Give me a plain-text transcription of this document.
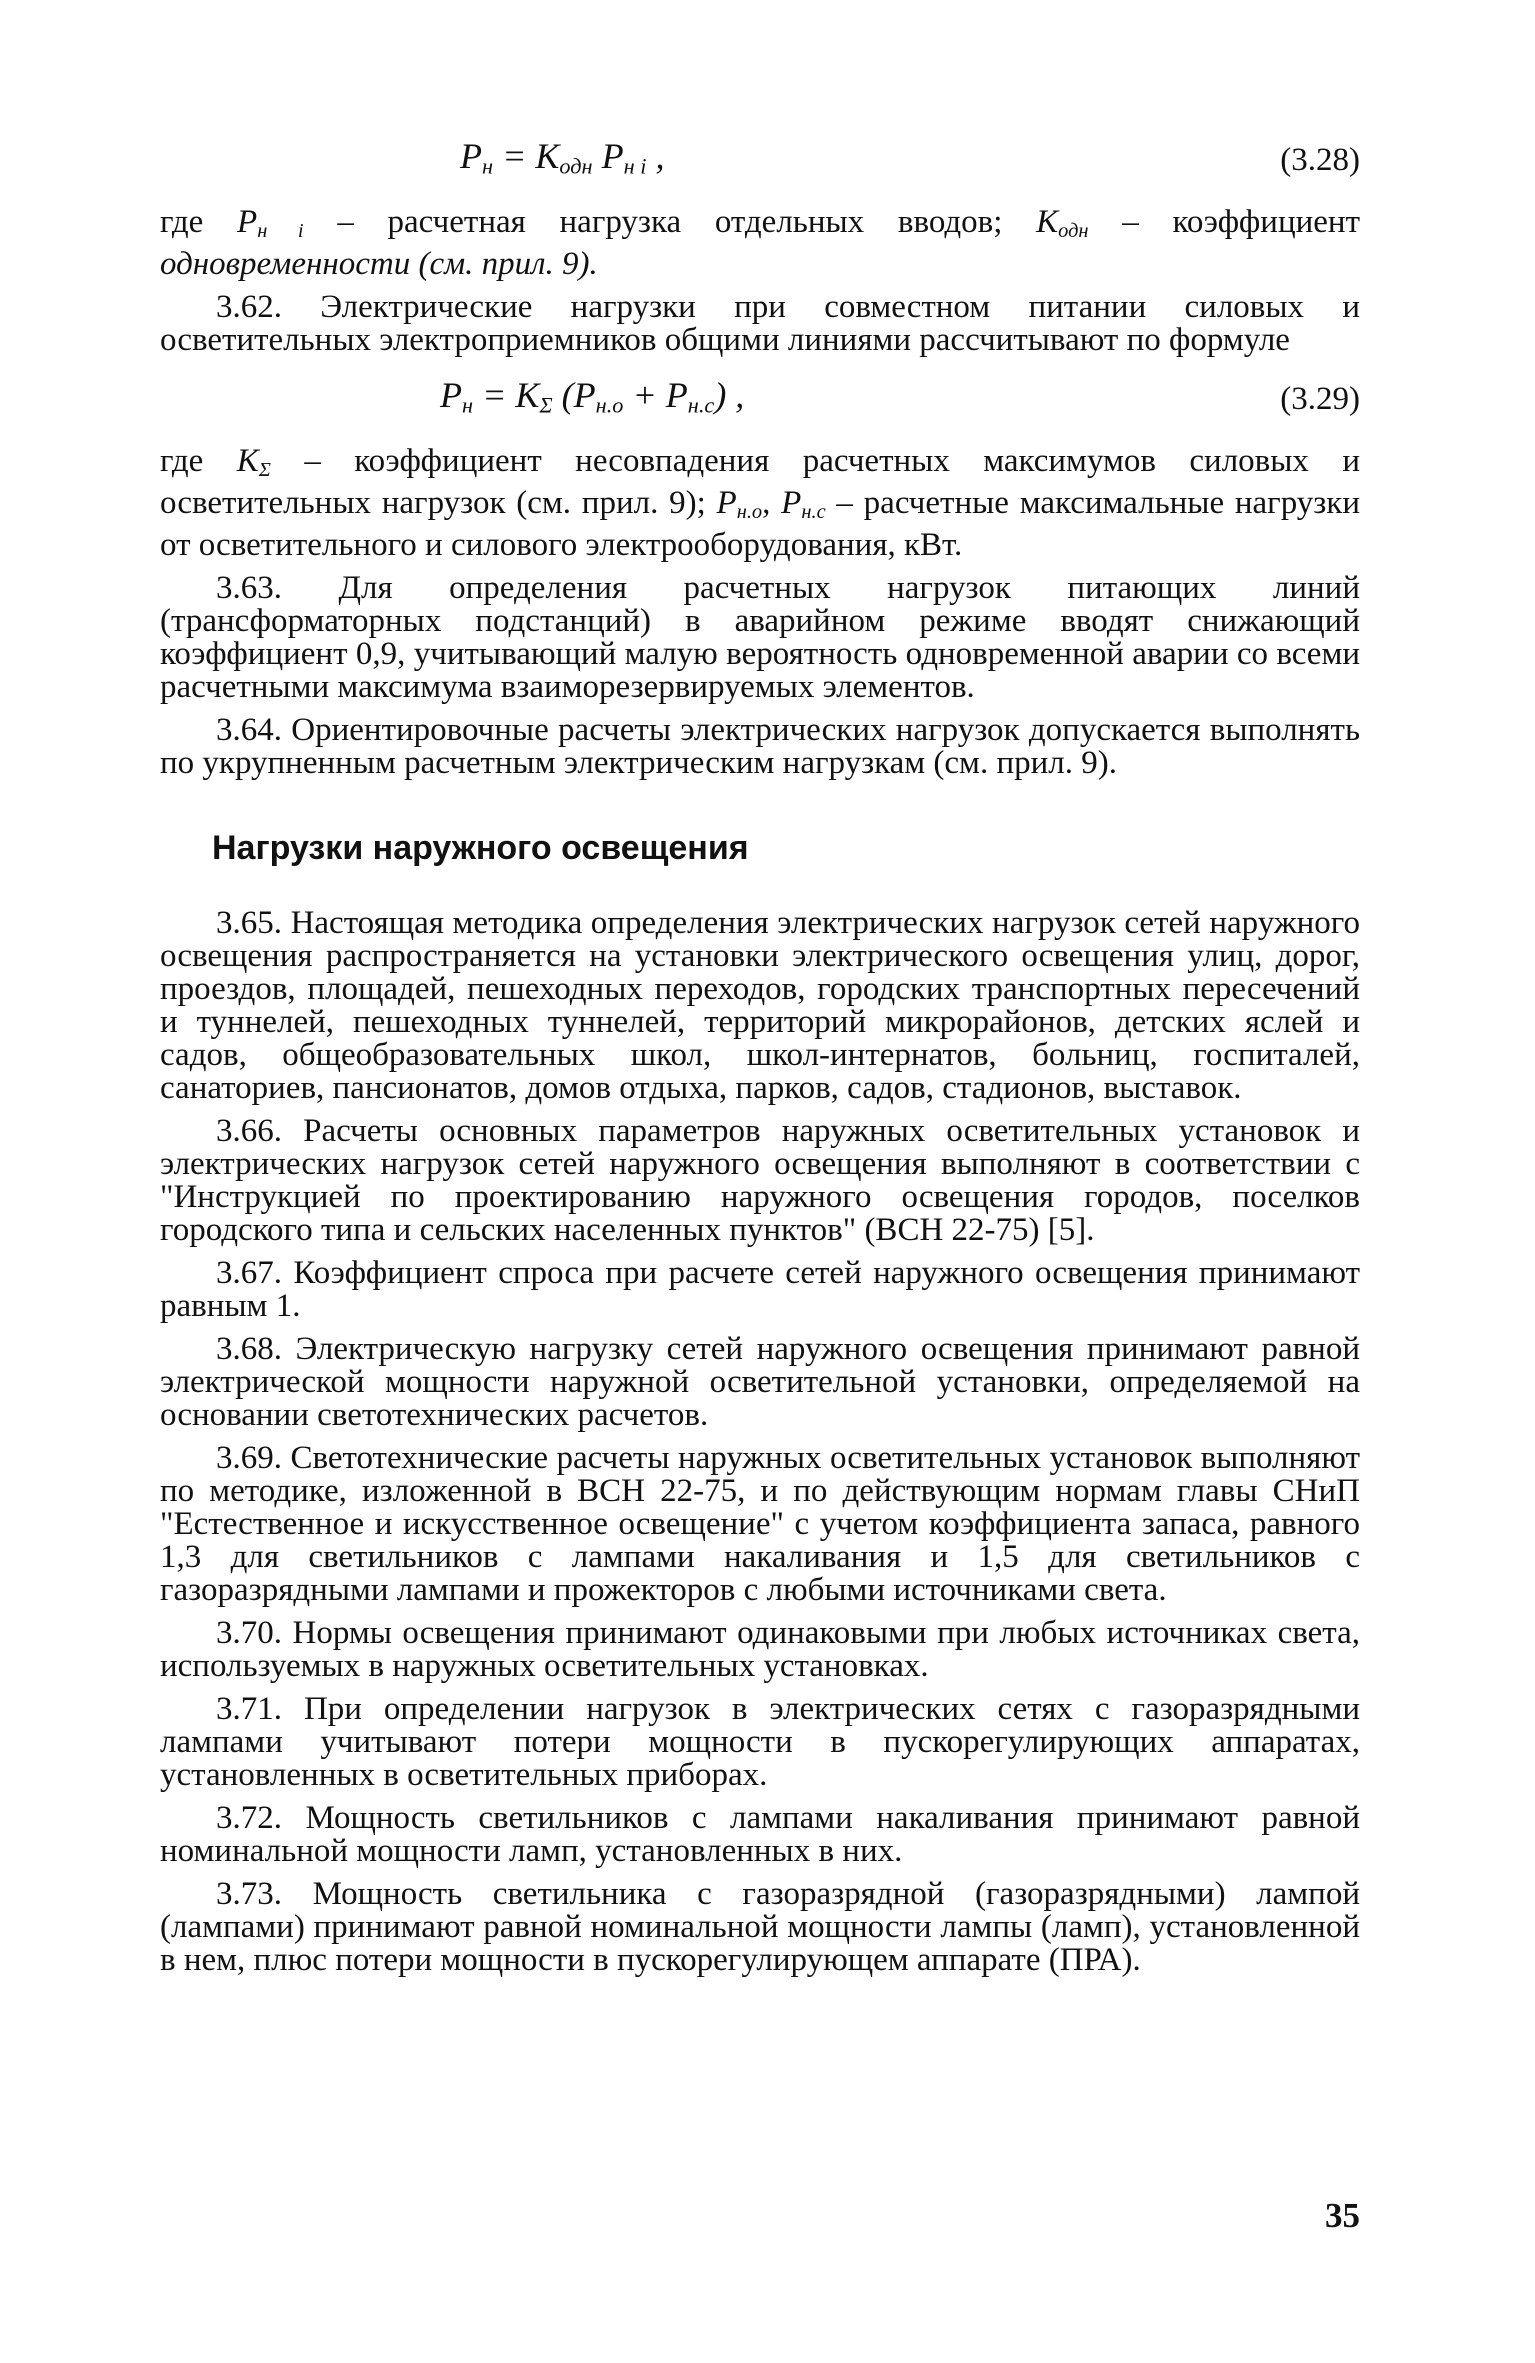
$P_н = K_{одн}$ $P_{н i}$ ,	(3.28)

где $P_{н i}$ – расчетная нагрузка отдельных вводов; $K_{одн}$ – коэффициент одновременности (см. прил. 9).

3.62. Электрические нагрузки при совместном питании силовых и осветительных электроприемников общими линиями рассчитывают по формуле

$P_н = K_\Sigma$ $(P_{н.о} + P_{н.с})$ ,	(3.29)

где $K_\Sigma$ – коэффициент несовпадения расчетных максимумов силовых и осветительных нагрузок (см. прил. 9); $P_{н.о}$, $P_{н.с}$ – расчетные максимальные нагрузки от осветительного и силового электрооборудования, кВт.

3.63. Для определения расчетных нагрузок питающих линий (трансформаторных подстанций) в аварийном режиме вводят снижающий коэффициент 0,9, учитывающий малую вероятность одновременной аварии со всеми расчетными максимума взаиморезервируемых элементов.

3.64. Ориентировочные расчеты электрических нагрузок допускается выполнять по укрупненным расчетным электрическим нагрузкам (см. прил. 9).

Нагрузки наружного освещения

3.65. Настоящая методика определения электрических нагрузок сетей наружного освещения распространяется на установки электрического освещения улиц, дорог, проездов, площадей, пешеходных переходов, городских транспортных пересечений и туннелей, пешеходных туннелей, территорий микрорайонов, детских яслей и садов, общеобразовательных школ, школ-интернатов, больниц, госпиталей, санаториев, пансионатов, домов отдыха, парков, садов, стадионов, выставок.

3.66. Расчеты основных параметров наружных осветительных установок и электрических нагрузок сетей наружного освещения выполняют в соответствии с "Инструкцией по проектированию наружного освещения городов, поселков городского типа и сельских населенных пунктов" (ВСН 22-75) [5].

3.67. Коэффициент спроса при расчете сетей наружного освещения принимают равным 1.

3.68. Электрическую нагрузку сетей наружного освещения принимают равной электрической мощности наружной осветительной установки, определяемой на основании светотехнических расчетов.

3.69. Светотехнические расчеты наружных осветительных установок выполняют по методике, изложенной в ВСН 22-75, и по действующим нормам главы СНиП "Естественное и искусственное освещение" с учетом коэффициента запаса, равного 1,3 для светильников с лампами накаливания и 1,5 для светильников с газоразрядными лампами и прожекторов с любыми источниками света.

3.70. Нормы освещения принимают одинаковыми при любых источниках света, используемых в наружных осветительных установках.

3.71. При определении нагрузок в электрических сетях с газоразрядными лампами учитывают потери мощности в пускорегулирующих аппаратах, установленных в осветительных приборах.

3.72. Мощность светильников с лампами накаливания принимают равной номинальной мощности ламп, установленных в них.

3.73. Мощность светильника с газоразрядной (газоразрядными) лампой (лампами) принимают равной номинальной мощности лампы (ламп), установленной в нем, плюс потери мощности в пускорегулирующем аппарате (ПРА).

35
